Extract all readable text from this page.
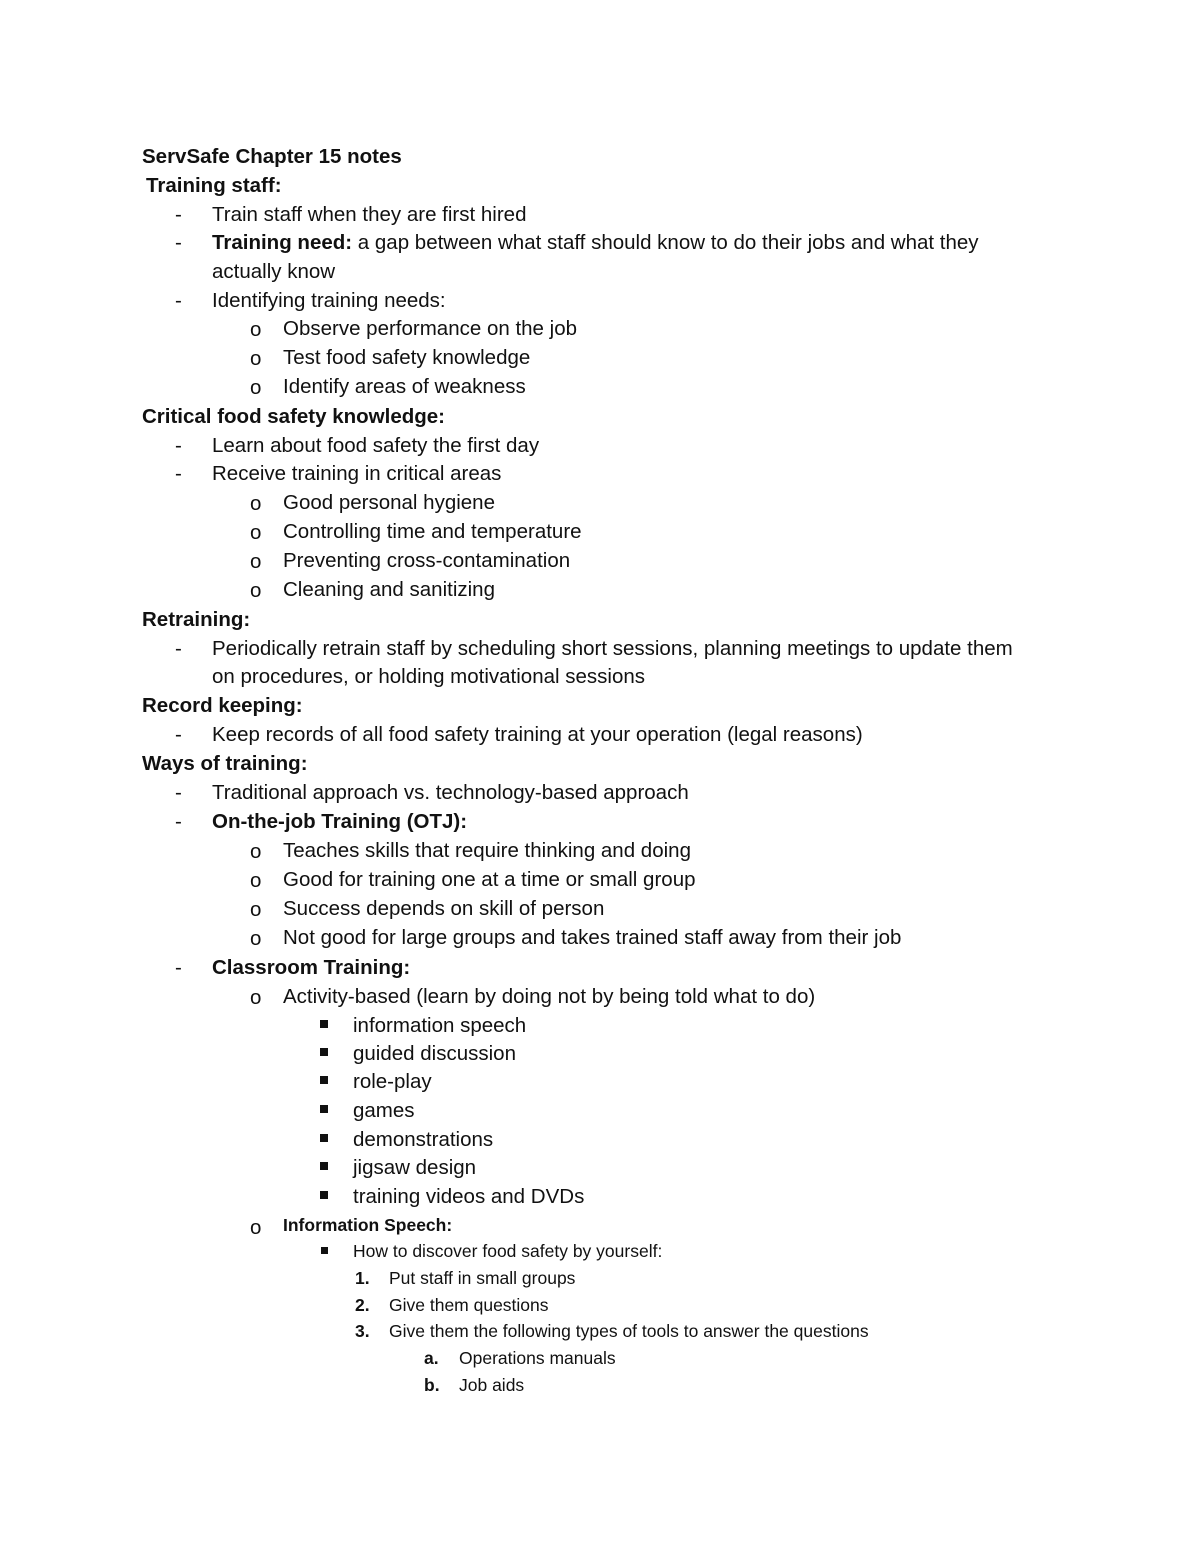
ServSafe Chapter 15 notes
Training staff:
- Train staff when they are first hired
- Training need: a gap between what staff should know to do their jobs and what they
actually know
- Identifying training needs:
o Observe performance on the job
o Test food safety knowledge
o Identify areas of weakness
Critical food safety knowledge:
- Learn about food safety the first day
- Receive training in critical areas
o Good personal hygiene
o Controlling time and temperature
o Preventing cross-contamination
o Cleaning and sanitizing
Retraining:
- Periodically retrain staff by scheduling short sessions, planning meetings to update them
on procedures, or holding motivational sessions
Record keeping:
- Keep records of all food safety training at your operation (legal reasons)
Ways of training:
- Traditional approach vs. technology-based approach
- On-the-job Training (OTJ):
o Teaches skills that require thinking and doing
o Good for training one at a time or small group
o Success depends on skill of person
o Not good for large groups and takes trained staff away from their job
- Classroom Training:
o Activity-based (learn by doing not by being told what to do)
information speech
guided discussion
role-play
games
demonstrations
jigsaw design
training videos and DVDs
o Information Speech:
How to discover food safety by yourself:
1. Put staff in small groups
2. Give them questions
3. Give them the following types of tools to answer the questions
a. Operations manuals
b. Job aids
